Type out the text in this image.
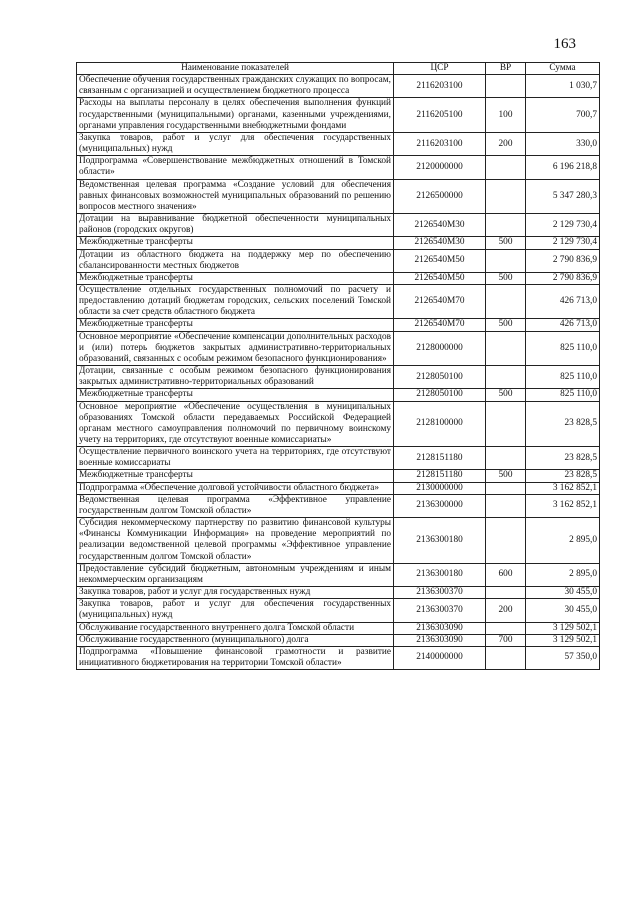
163
Наименование показателей	ЦСР	ВР	Сумма
Обеспечение обучения государственных гражданских служащих по вопросам, связанным с организацией и осуществлением бюджетного процесса	2116203100		1 030,7
Расходы на выплаты персоналу в целях обеспечения выполнения функций государственными (муниципальными) органами, казенными учреждениями, органами управления государственными внебюджетными фондами	2116205100	100	700,7
Закупка товаров, работ и услуг для обеспечения государственных (муниципальных) нужд	2116203100	200	330,0
Подпрограмма «Совершенствование межбюджетных отношений в Томской области»	2120000000		6 196 218,8
Ведомственная целевая программа «Создание условий для обеспечения равных финансовых возможностей муниципальных образований по решению вопросов местного значения»	2126500000		5 347 280,3
Дотации на выравнивание бюджетной обеспеченности муниципальных районов (городских округов)	2126540М30		2 129 730,4
Межбюджетные трансферты	2126540М30	500	2 129 730,4
Дотации из областного бюджета на поддержку мер по обеспечению сбалансированности местных бюджетов	2126540М50		2 790 836,9
Межбюджетные трансферты	2126540М50	500	2 790 836,9
Осуществление отдельных государственных полномочий по расчету и предоставлению дотаций бюджетам городских, сельских поселений Томской области за счет средств областного бюджета	2126540М70		426 713,0
Межбюджетные трансферты	2126540М70	500	426 713,0
Основное мероприятие «Обеспечение компенсации дополнительных расходов и (или) потерь бюджетов закрытых административно-территориальных образований, связанных с особым режимом безопасного функционирования»	2128000000		825 110,0
Дотации, связанные с особым режимом безопасного функционирования закрытых административно-территориальных образований	2128050100		825 110,0
Межбюджетные трансферты	2128050100	500	825 110,0
Основное мероприятие «Обеспечение осуществления в муниципальных образованиях Томской области передаваемых Российской Федерацией органам местного самоуправления полномочий по первичному воинскому учету на территориях, где отсутствуют военные комиссариаты»	2128100000		23 828,5
Осуществление первичного воинского учета на территориях, где отсутствуют военные комиссариаты	2128151180		23 828,5
Межбюджетные трансферты	2128151180	500	23 828,5
Подпрограмма «Обеспечение долговой устойчивости областного бюджета»	2130000000		3 162 852,1
Ведомственная целевая программа «Эффективное управление государственным долгом Томской области»	2136300000		3 162 852,1
Субсидия некоммерческому партнерству по развитию финансовой культуры «Финансы Коммуникации Информация» на проведение мероприятий по реализации ведомственной целевой программы «Эффективное управление государственным долгом Томской области»	2136300180		2 895,0
Предоставление субсидий бюджетным, автономным учреждениям и иным некоммерческим организациям	2136300180	600	2 895,0
Закупка товаров, работ и услуг для государственных нужд	2136300370		30 455,0
Закупка товаров, работ и услуг для обеспечения государственных (муниципальных) нужд	2136300370	200	30 455,0
Обслуживание государственного внутреннего долга Томской области	2136303090		3 129 502,1
Обслуживание государственного (муниципального) долга	2136303090	700	3 129 502,1
Подпрограмма «Повышение финансовой грамотности и развитие инициативного бюджетирования на территории Томской области»	2140000000		57 350,0
